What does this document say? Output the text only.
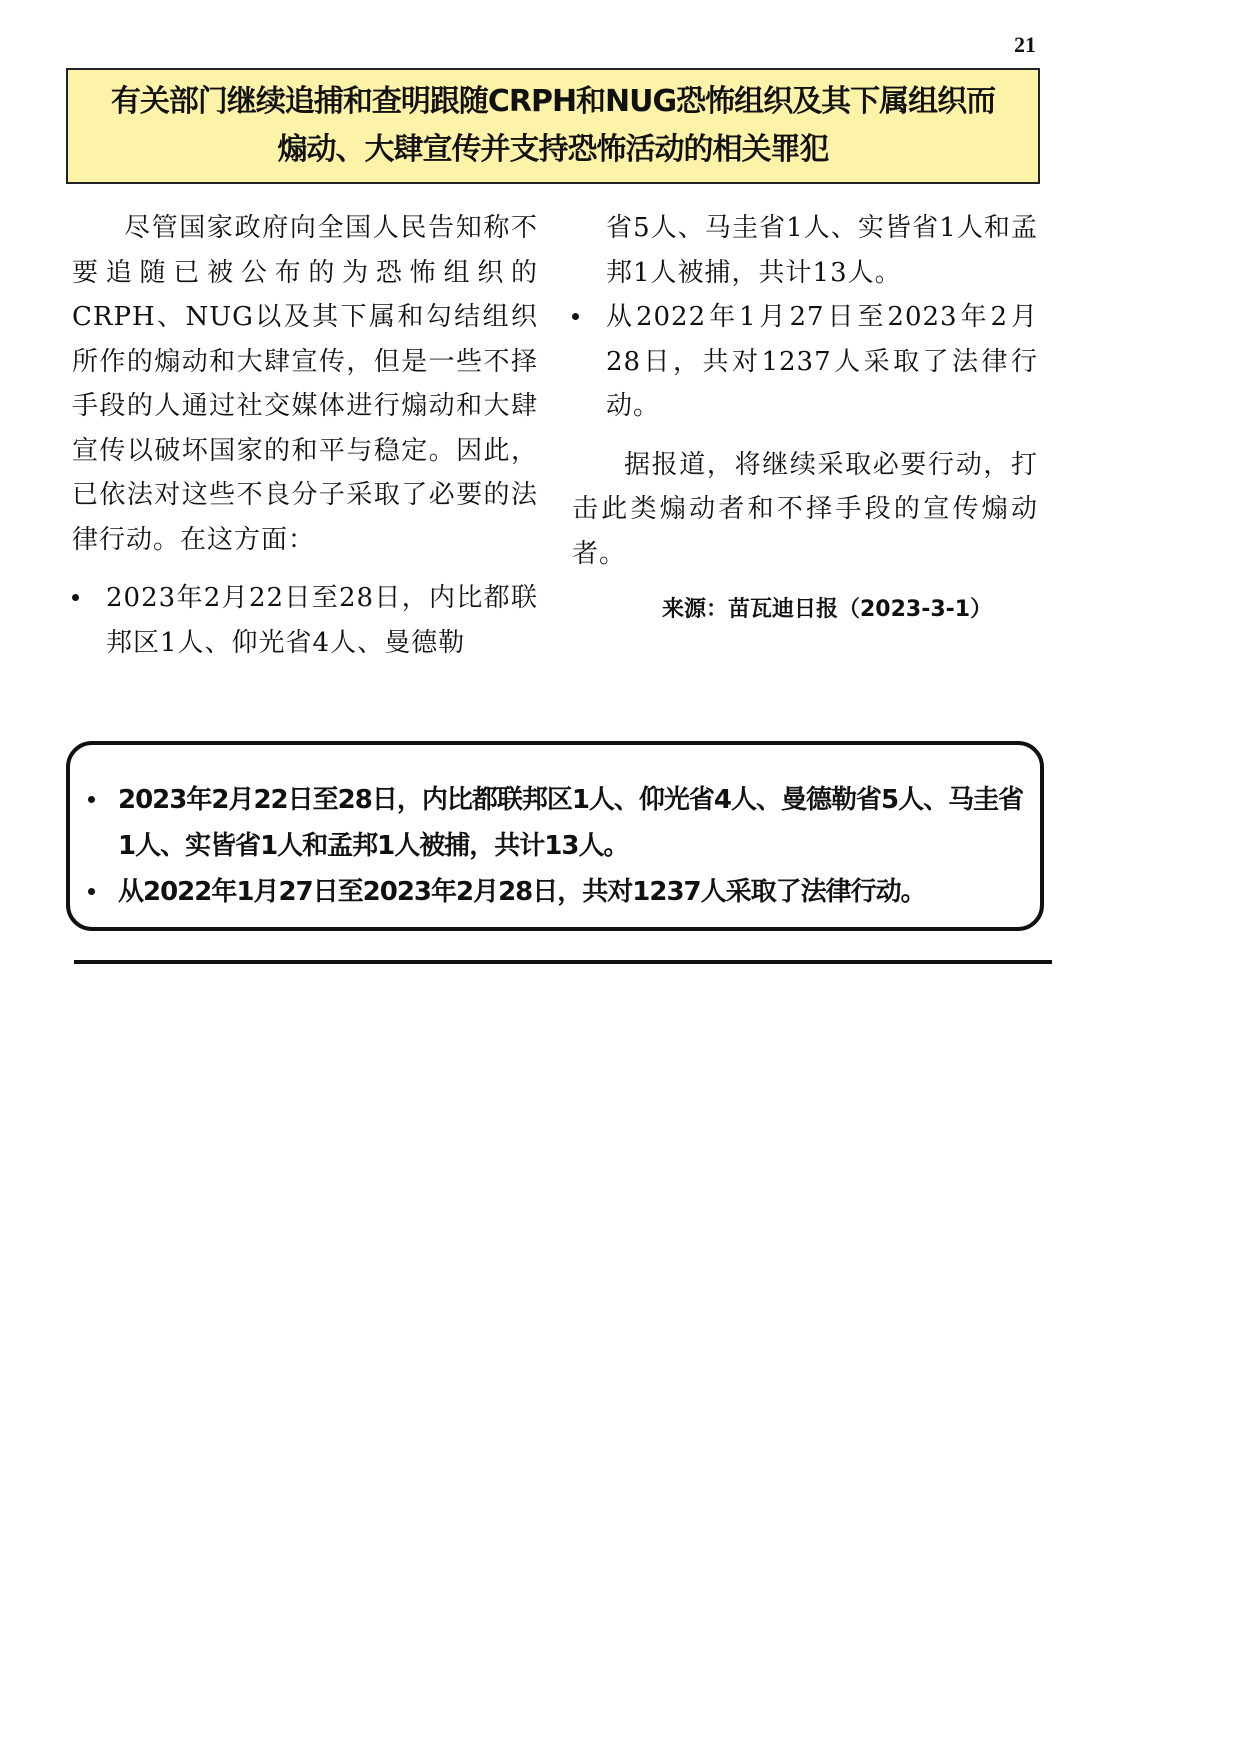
21
有关部门继续追捕和查明跟随CRPH和NUG恐怖组织及其下属组织而
煽动、大肆宣传并支持恐怖活动的相关罪犯

尽管国家政府向全国人民告知称不要追随已被公布的为恐怖组织的CRPH、NUG以及其下属和勾结组织所作的煽动和大肆宣传，但是一些不择手段的人通过社交媒体进行煽动和大肆宣传以破坏国家的和平与稳定。因此，已依法对这些不良分子采取了必要的法律行动。在这方面：

2023年2月22日至28日，内比都联邦区1人、仰光省4人、曼德勒

省5人、马圭省1人、实皆省1人和孟邦1人被捕，共计13人。

从2022年1月27日至2023年2月28日，共对1237人采取了法律行动。

据报道，将继续采取必要行动，打击此类煽动者和不择手段的宣传煽动者。

来源：苗瓦迪日报（2023-3-1）

2023年2月22日至28日，内比都联邦区1人、仰光省4人、曼德勒省5人、马圭省1人、实皆省1人和孟邦1人被捕，共计13人。

从2022年1月27日至2023年2月28日，共对1237人采取了法律行动。
